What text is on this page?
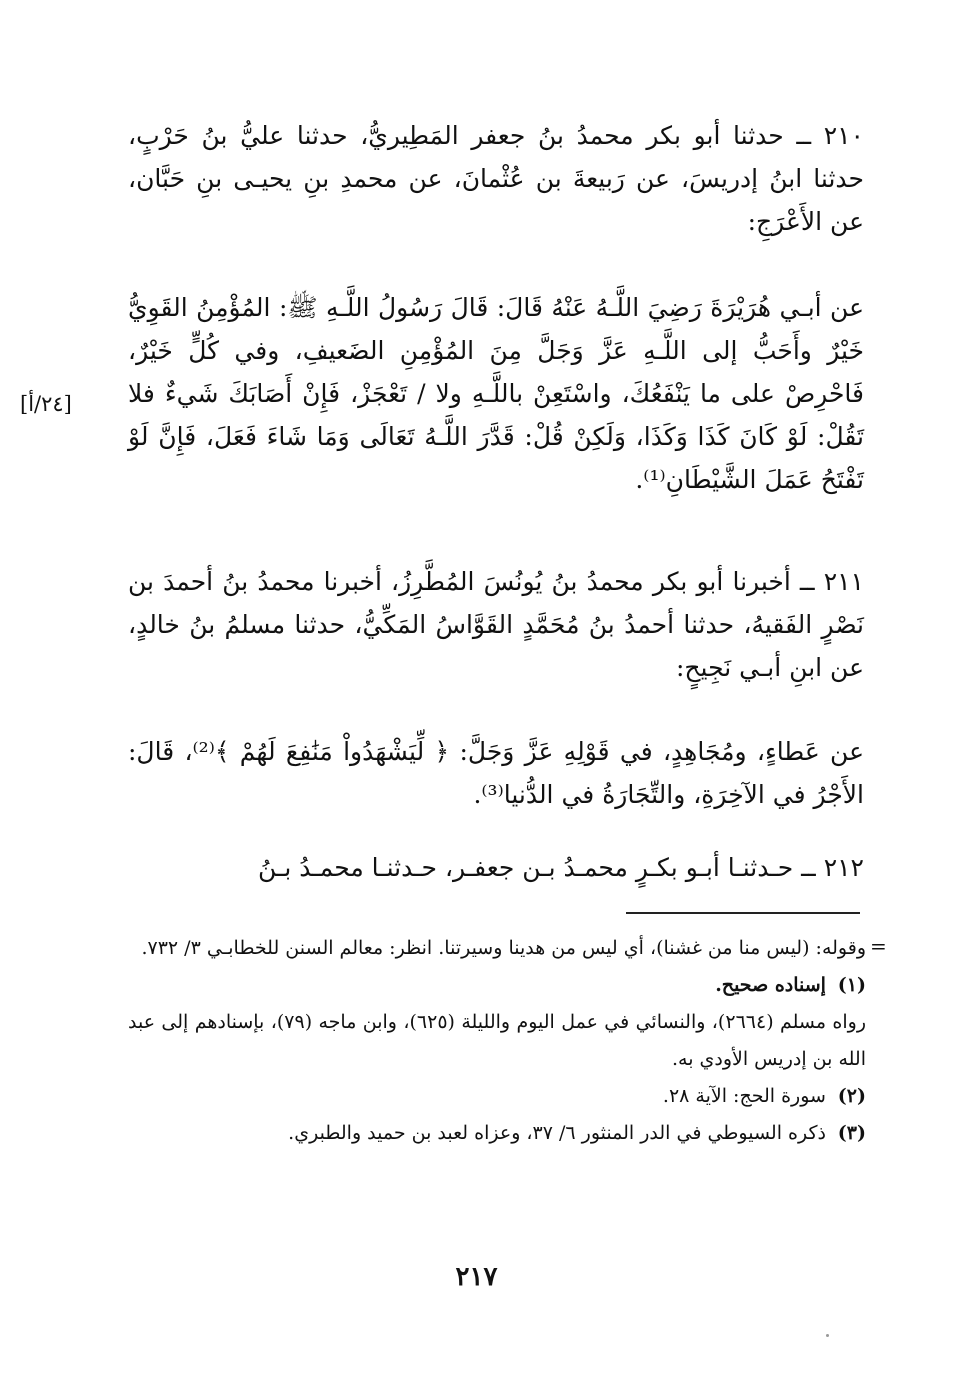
٢١٠ ــ حدثنا أبو بكر محمدُ بنُ جعفر المَطِيريُّ، حدثنا عليُّ بنُ حَرْبٍ، حدثنا ابنُ إدريسَ، عن رَبيعةَ بن عُثْمانَ، عن محمدِ بنِ يحيـى بنِ حَبَّان، عن الأَعْرَجِ:

عن أبـي هُرَيْرَةَ رَضِيَ اللَّـهُ عَنْهُ قَالَ: قَالَ رَسُولُ اللَّـهِ ﷺ: المُؤْمِنُ القَوِيُّ خَيْرٌ وأَحَبُّ إلى اللَّـهِ عَزَّ وَجَلَّ مِنَ المُؤْمِنِ الضَعيفِ، وفي كُلٍّ خَيْرٌ، فَاحْرِصْ على ما يَنْفَعُكَ، واسْتَعِنْ باللَّـهِ ولا / تَعْجَزْ، فَإِنْ أَصَابَكَ شَيءٌ فلا تَقُلْ: لَوْ كَانَ كَذَا وَكَذَا، وَلَكِنْ قُلْ: قَدَّرَ اللَّـهُ تَعَالَى وَمَا شَاءَ فَعَلَ، فَإِنَّ لَوْ تَفْتَحُ عَمَلَ الشَّيْطَانِ⁽¹⁾.

[٢٤/أ]

٢١١ ــ أخبرنا أبو بكر محمدُ بنُ يُونُسَ المُطَّرِزُ، أخبرنا محمدُ بنُ أحمدَ بن نَصْرٍ الفَقيهُ، حدثنا أحمدُ بنُ مُحَمَّدٍ القَوَّاسُ المَكِّيُّ، حدثنا مسلمُ بنُ خالدٍ، عن ابنِ أبـي نَجِيحٍ:

عن عَطاءٍ، ومُجَاهِدٍ، في قَوْلِهِ عَزَّ وَجَلَّ: ﴿ لِّيَشْهَدُواْ مَنَٰفِعَ لَهُمْ ﴾⁽²⁾، قَالَ: الأَجْرُ في الآخِرَةِ، والتِّجَارَةُ في الدُّنيا⁽³⁾.

٢١٢ ــ حـدثنـا أبـو بكـرٍ محمـدُ بـن جعفـر، حـدثنـا محمـدُ بـنُ

=

وقوله: (ليس منا من غشنا)، أي ليس من هدينا وسيرتنا. انظر: معالم السنن للخطابـي ٣/ ٧٣٢.

(١) إسناده صحيح.

رواه مسلم (٢٦٦٤)، والنسائي في عمل اليوم والليلة (٦٢٥)، وابن ماجه (٧٩)، بإسنادهم إلى عبد الله بن إدريس الأودي به.

(٢) سورة الحج: الآية ٢٨.

(٣) ذكره السيوطي في الدر المنثور ٦/ ٣٧، وعزاه لعبد بن حميد والطبري.

٢١٧
